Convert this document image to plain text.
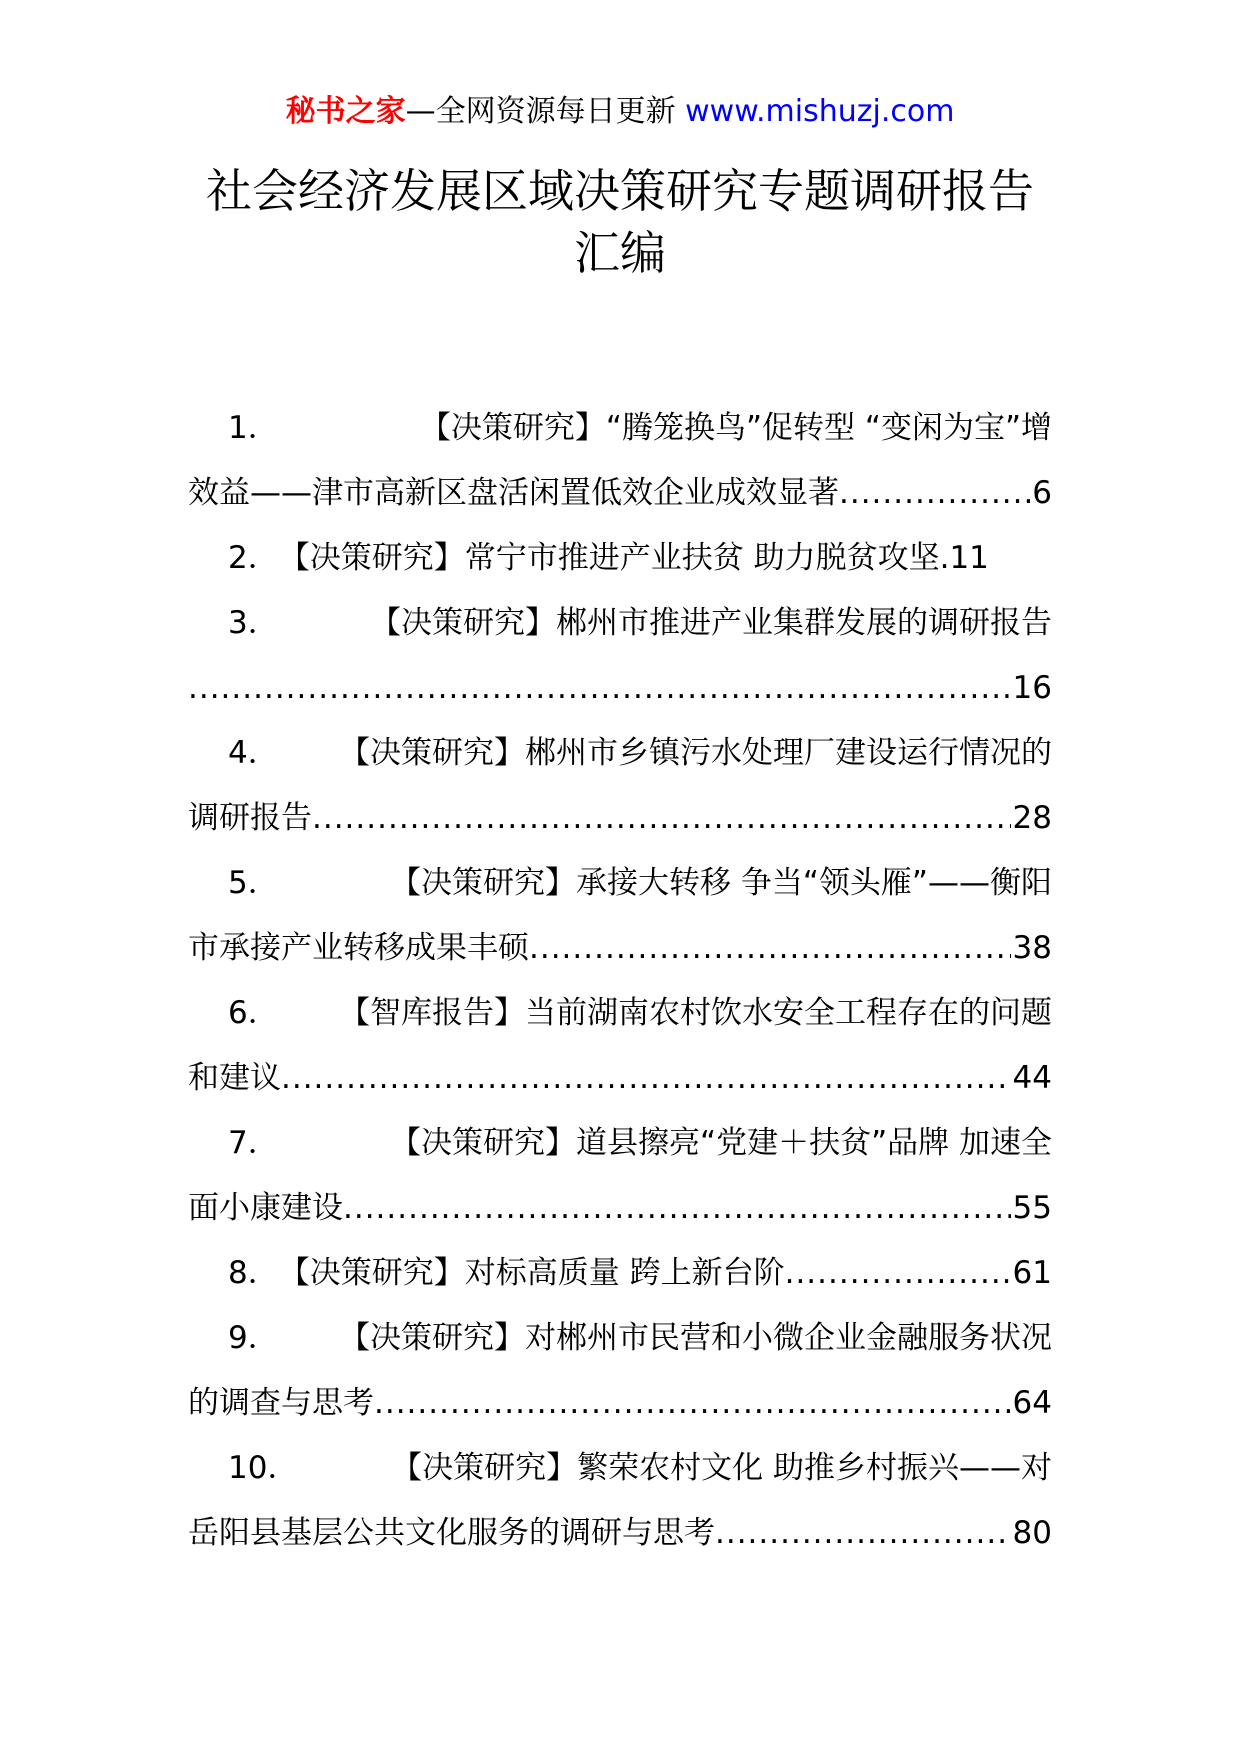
秘书之家—全网资源每日更新 www.mishuzj.com
社会经济发展区域决策研究专题调研报告
汇编
1．	【决策研究】“腾笼换鸟”促转型 “变闲为宝”增
效益——津市高新区盘活闲置低效企业成效显著 .....	6
2． 【决策研究】常宁市推进产业扶贫 助力脱贫攻坚. 11
3．	【决策研究】郴州市推进产业集群发展的调研报告
.....
16
4． 【决策研究】郴州市乡镇污水处理厂建设运行情况的
调研报告 .....	28
5．	【决策研究】承接大转移 争当“领头雁”——衡阳
市承接产业转移成果丰硕 .....	38
6． 【智库报告】当前湖南农村饮水安全工程存在的问题
和建议 .....	44
7．	【决策研究】道县擦亮“党建＋扶贫”品牌 加速全
面小康建设 .....	55
8． 【决策研究】对标高质量 跨上新台阶 .....	61
9． 【决策研究】对郴州市民营和小微企业金融服务状况
的调查与思考 .....	64
10．	【决策研究】繁荣农村文化 助推乡村振兴——对
岳阳县基层公共文化服务的调研与思考 .....	80
